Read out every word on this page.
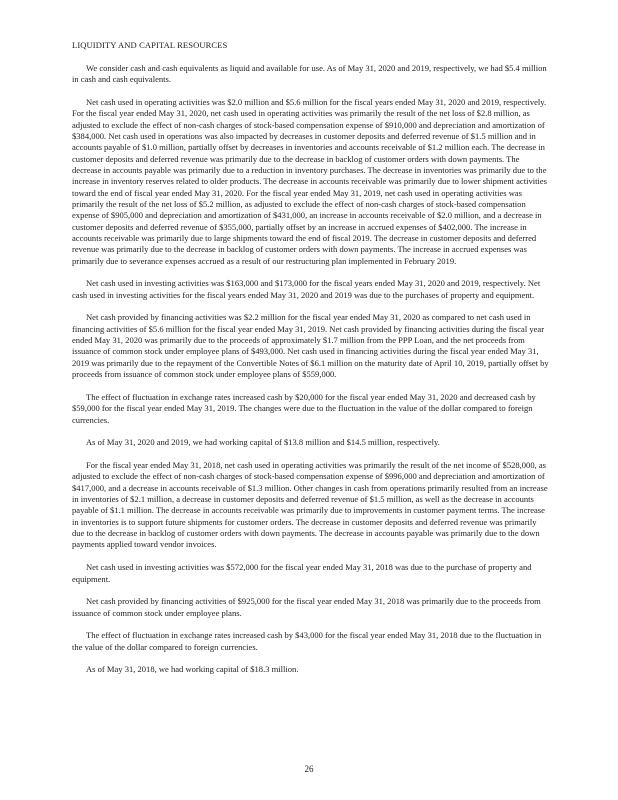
LIQUIDITY AND CAPITAL RESOURCES

We consider cash and cash equivalents as liquid and available for use. As of May 31, 2020 and 2019, respectively, we had $5.4 million in cash and cash equivalents.

Net cash used in operating activities was $2.0 million and $5.6 million for the fiscal years ended May 31, 2020 and 2019, respectively. For the fiscal year ended May 31, 2020, net cash used in operating activities was primarily the result of the net loss of $2.8 million, as adjusted to exclude the effect of non-cash charges of stock-based compensation expense of $910,000 and depreciation and amortization of $384,000. Net cash used in operations was also impacted by decreases in customer deposits and deferred revenue of $1.5 million and in accounts payable of $1.0 million, partially offset by decreases in inventories and accounts receivable of $1.2 million each. The decrease in customer deposits and deferred revenue was primarily due to the decrease in backlog of customer orders with down payments. The decrease in accounts payable was primarily due to a reduction in inventory purchases. The decrease in inventories was primarily due to the increase in inventory reserves related to older products. The decrease in accounts receivable was primarily due to lower shipment activities toward the end of fiscal year ended May 31, 2020. For the fiscal year ended May 31, 2019, net cash used in operating activities was primarily the result of the net loss of $5.2 million, as adjusted to exclude the effect of non-cash charges of stock-based compensation expense of $905,000 and depreciation and amortization of $431,000, an increase in accounts receivable of $2.0 million, and a decrease in customer deposits and deferred revenue of $355,000, partially offset by an increase in accrued expenses of $402,000. The increase in accounts receivable was primarily due to large shipments toward the end of fiscal 2019. The decrease in customer deposits and deferred revenue was primarily due to the decrease in backlog of customer orders with down payments. The increase in accrued expenses was primarily due to severance expenses accrued as a result of our restructuring plan implemented in February 2019.

Net cash used in investing activities was $163,000 and $173,000 for the fiscal years ended May 31, 2020 and 2019, respectively. Net cash used in investing activities for the fiscal years ended May 31, 2020 and 2019 was due to the purchases of property and equipment.

Net cash provided by financing activities was $2.2 million for the fiscal year ended May 31, 2020 as compared to net cash used in financing activities of $5.6 million for the fiscal year ended May 31, 2019. Net cash provided by financing activities during the fiscal year ended May 31, 2020 was primarily due to the proceeds of approximately $1.7 million from the PPP Loan, and the net proceeds from issuance of common stock under employee plans of $493,000. Net cash used in financing activities during the fiscal year ended May 31, 2019 was primarily due to the repayment of the Convertible Notes of $6.1 million on the maturity date of April 10, 2019, partially offset by proceeds from issuance of common stock under employee plans of $559,000.

The effect of fluctuation in exchange rates increased cash by $20,000 for the fiscal year ended May 31, 2020 and decreased cash by $59,000 for the fiscal year ended May 31, 2019. The changes were due to the fluctuation in the value of the dollar compared to foreign currencies.

As of May 31, 2020 and 2019, we had working capital of $13.8 million and $14.5 million, respectively.

For the fiscal year ended May 31, 2018, net cash used in operating activities was primarily the result of the net income of $528,000, as adjusted to exclude the effect of non-cash charges of stock-based compensation expense of $996,000 and depreciation and amortization of $417,000, and a decrease in accounts receivable of $1.3 million. Other changes in cash from operations primarily resulted from an increase in inventories of $2.1 million, a decrease in customer deposits and deferred revenue of $1.5 million, as well as the decrease in accounts payable of $1.1 million. The decrease in accounts receivable was primarily due to improvements in customer payment terms. The increase in inventories is to support future shipments for customer orders. The decrease in customer deposits and deferred revenue was primarily due to the decrease in backlog of customer orders with down payments. The decrease in accounts payable was primarily due to the down payments applied toward vendor invoices.

Net cash used in investing activities was $572,000 for the fiscal year ended May 31, 2018 was due to the purchase of property and equipment.

Net cash provided by financing activities of $925,000 for the fiscal year ended May 31, 2018 was primarily due to the proceeds from issuance of common stock under employee plans.

The effect of fluctuation in exchange rates increased cash by $43,000 for the fiscal year ended May 31, 2018 due to the fluctuation in the value of the dollar compared to foreign currencies.

As of May 31, 2018, we had working capital of $18.3 million.

26
